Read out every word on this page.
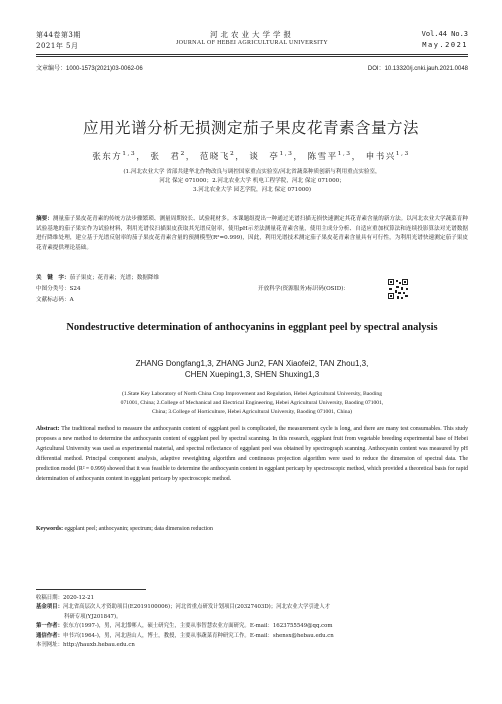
第44卷第3期
2021年 5月
河北农业大学学报
JOURNAL OF HEBEI AGRICULTURAL UNIVERSITY
Vol.44 No.3
May.2021
文章编号：1000-1573(2021)03-0062-06	DOI：10.13320/j.cnki.jauh.2021.0048
应用光谱分析无损测定茄子果皮花青素含量方法
张东方$^{1,3}$， 张　君$^2$， 范晓飞$^2$， 谈　亭$^{1,3}$， 陈雪平$^{1,3}$， 申书兴$^{1,3}$
(1.河北农业大学 省部共建华北作物改良与调控国家重点实验室/河北省蔬菜种质创新与利用重点实验室，
河北 保定 071000；2.河北农业大学 机电工程学院，河北 保定 071000；
3.河北农业大学 园艺学院，河北 保定 071000)
摘要：测量茄子果皮花青素的传统方法步骤繁琐、测量周期较长、试验耗材多。本课题组提出一种通过光谱扫描无损快速测定其花青素含量的新方法。以河北农业大学蔬菜育种试验基地的茄子果实作为试验材料，利用光谱仪扫描果皮获取其光谱反射率，使用pH示差法测量花青素含量，使用主成分分析、自适应重加权算法和连续投影算法对光谱数据进行降维处理，建立基于光谱反射率的茄子果皮花青素含量的预测模型(R²=0.999)，因此，利用光谱技术测定茄子果皮花青素含量具有可行性，为利用光谱快速测定茄子果皮花青素提供理论基础。
关　键　字：茄子果皮；花青素；光谱；数据降维
中图分类号：S24	开放科学(资源服务)标识码(OSID)：
文献标志码：A
Nondestructive determination of anthocyanins in eggplant peel by spectral analysis
ZHANG Dongfang1,3, ZHANG Jun2, FAN Xiaofei2, TAN Zhou1,3,
CHEN Xueping1,3, SHEN Shuxing1,3
(1.State Key Laboratory of North China Crop Improvement and Regulation, Hebei Agricultural University, Baoding
071001, China; 2.College of Mechanical and Electrical Engineering, Hebei Agricultural University, Baoding 071001,
China; 3.College of Horticulture, Hebei Agricultural University, Baoding 071001, China)
Abstract: The traditional method to measure the anthocyanin content of eggplant peel is complicated, the measurement cycle is long, and there are many test consumables. This study proposes a new method to determine the anthocyanin content of eggplant peel by spectral scanning. In this research, eggplant fruit from vegetable breeding experimental base of Hebei Agricultural University was used as experimental material, and spectral reflectance of eggplant peel was obtained by spectrograph scanning. Anthocyanin content was measured by pH differential method. Principal component analysis, adaptive reweighting algorithm and continuous projection algorithm were used to reduce the dimension of spectral data. The prediction model (R² = 0.999) showed that it was feasible to determine the anthocyanin content in eggplant pericarp by spectroscopic method, which provided a theoretical basis for rapid determination of anthocyanin content in eggplant pericarp by spectroscopic method.
Keywords: eggplant peel; anthocyanin; spectrum; data dimension reduction
收稿日期：2020-12-21
基金项目：河北省高层次人才资助项目(E2019100006)；河北省重点研发计划项目(20327403D)；河北农业大学引进人才
科研专项(YJ201847)。
第一作者：张东方(1997-)，男，河北邯郸人，硕士研究生，主要从事智慧农业方面研究。E-mail：1623755549@qq.com
通信作者：申书兴(1964-)，男，河北唐山人，博士，教授，主要从事蔬菜育种研究工作。E-mail：shensx@hebau.edu.cn
本刊网址：http://hauxb.hebau.edu.cn
